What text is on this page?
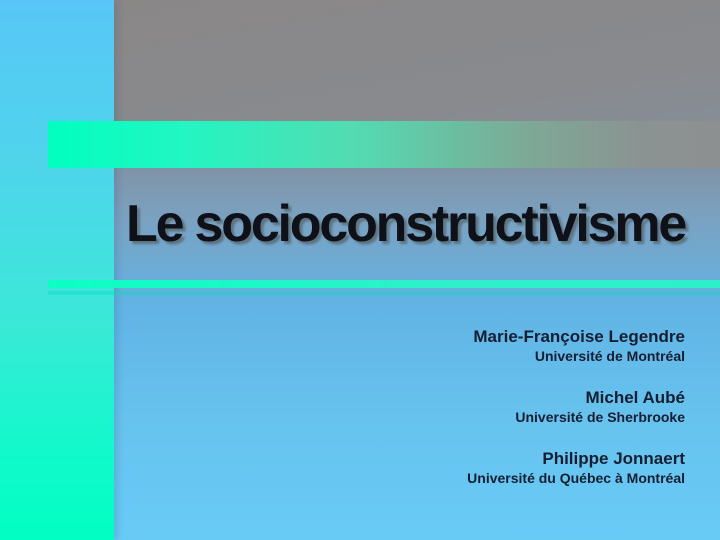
Le socioconstructivisme
Marie-Françoise Legendre
Université de Montréal
Michel Aubé
Université de Sherbrooke
Philippe Jonnaert
Université du Québec à Montréal
